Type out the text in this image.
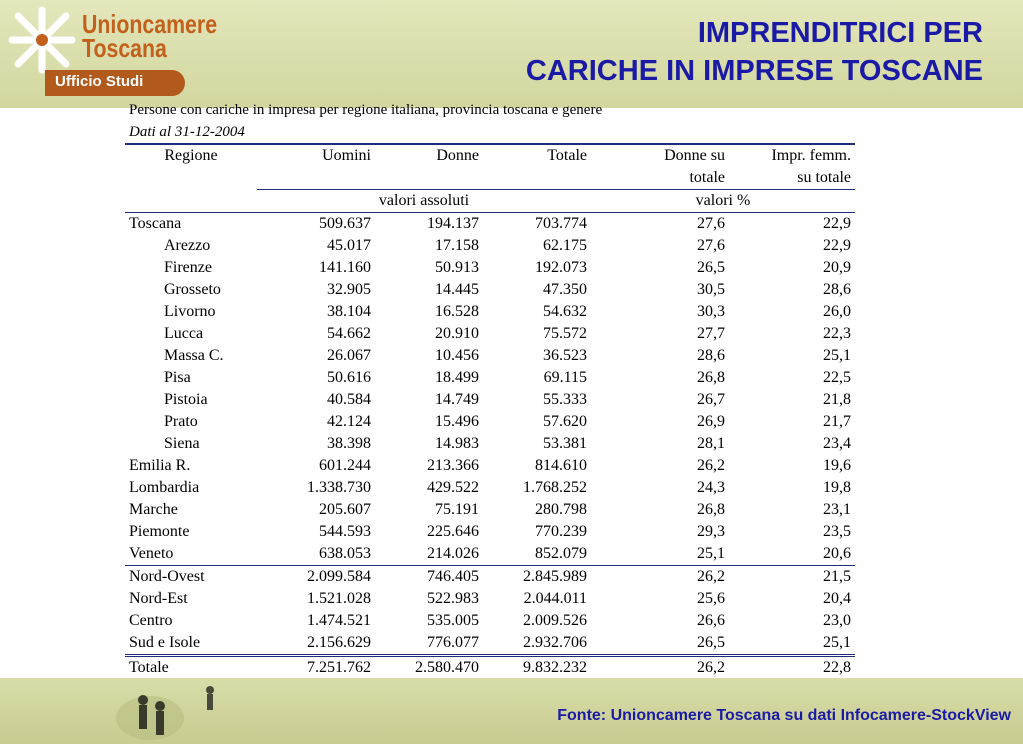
Unioncamere
Toscana
Ufficio Studi
IMPRENDITRICI PER
CARICHE IN IMPRESE TOSCANE
Persone con cariche in impresa per regione italiana, provincia toscana e genere
Dati al 31-12-2004
Regione	Uomini	Donne	Totale	Donne su	Impr. femm.
				totale	su totale
	valori assoluti			valori %	
Toscana	509.637	194.137	703.774	27,6	22,9
Arezzo	45.017	17.158	62.175	27,6	22,9
Firenze	141.160	50.913	192.073	26,5	20,9
Grosseto	32.905	14.445	47.350	30,5	28,6
Livorno	38.104	16.528	54.632	30,3	26,0
Lucca	54.662	20.910	75.572	27,7	22,3
Massa C.	26.067	10.456	36.523	28,6	25,1
Pisa	50.616	18.499	69.115	26,8	22,5
Pistoia	40.584	14.749	55.333	26,7	21,8
Prato	42.124	15.496	57.620	26,9	21,7
Siena	38.398	14.983	53.381	28,1	23,4
Emilia R.	601.244	213.366	814.610	26,2	19,6
Lombardia	1.338.730	429.522	1.768.252	24,3	19,8
Marche	205.607	75.191	280.798	26,8	23,1
Piemonte	544.593	225.646	770.239	29,3	23,5
Veneto	638.053	214.026	852.079	25,1	20,6
Nord-Ovest	2.099.584	746.405	2.845.989	26,2	21,5
Nord-Est	1.521.028	522.983	2.044.011	25,6	20,4
Centro	1.474.521	535.005	2.009.526	26,6	23,0
Sud e Isole	2.156.629	776.077	2.932.706	26,5	25,1
Totale	7.251.762	2.580.470	9.832.232	26,2	22,8
Fonte: Unioncamere Toscana su dati Infocamere-StockView
